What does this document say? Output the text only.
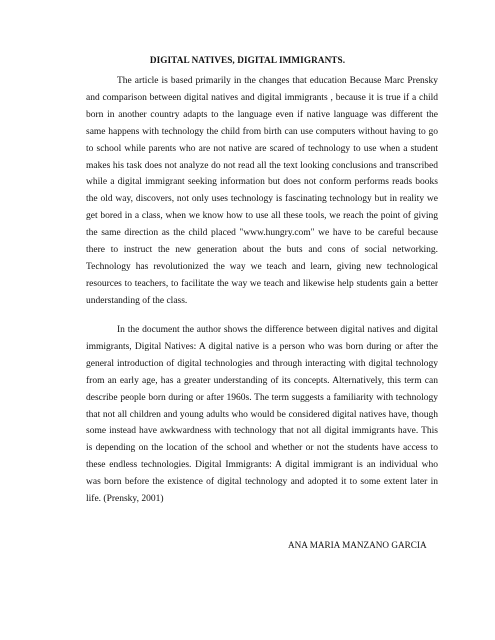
DIGITAL NATIVES, DIGITAL IMMIGRANTS.

The article is based primarily in the changes that education Because Marc Prensky and comparison between digital natives and digital immigrants , because it is true if a child born in another country adapts to the language even if native language was different the same happens with technology the child from birth can use computers without having to go to school while parents who are not native are scared of technology to use when a student makes his task does not analyze do not read all the text looking conclusions and transcribed while a digital immigrant seeking information but does not conform performs reads books the old way, discovers, not only uses technology is fascinating technology but in reality we get bored in a class, when we know how to use all these tools, we reach the point of giving the same direction as the child placed "www.hungry.com" we have to be careful because there to instruct the new generation about the buts and cons of social networking. Technology has revolutionized the way we teach and learn, giving new technological resources to teachers, to facilitate the way we teach and likewise help students gain a better understanding of the class.

In the document the author shows the difference between digital natives and digital immigrants, Digital Natives: A digital native is a person who was born during or after the general introduction of digital technologies and through interacting with digital technology from an early age, has a greater understanding of its concepts. Alternatively, this term can describe people born during or after 1960s. The term suggests a familiarity with technology that not all children and young adults who would be considered digital natives have, though some instead have awkwardness with technology that not all digital immigrants have. This is depending on the location of the school and whether or not the students have access to these endless technologies. Digital Immigrants: A digital immigrant is an individual who was born before the existence of digital technology and adopted it to some extent later in life. (Prensky, 2001)

ANA MARIA MANZANO GARCIA
